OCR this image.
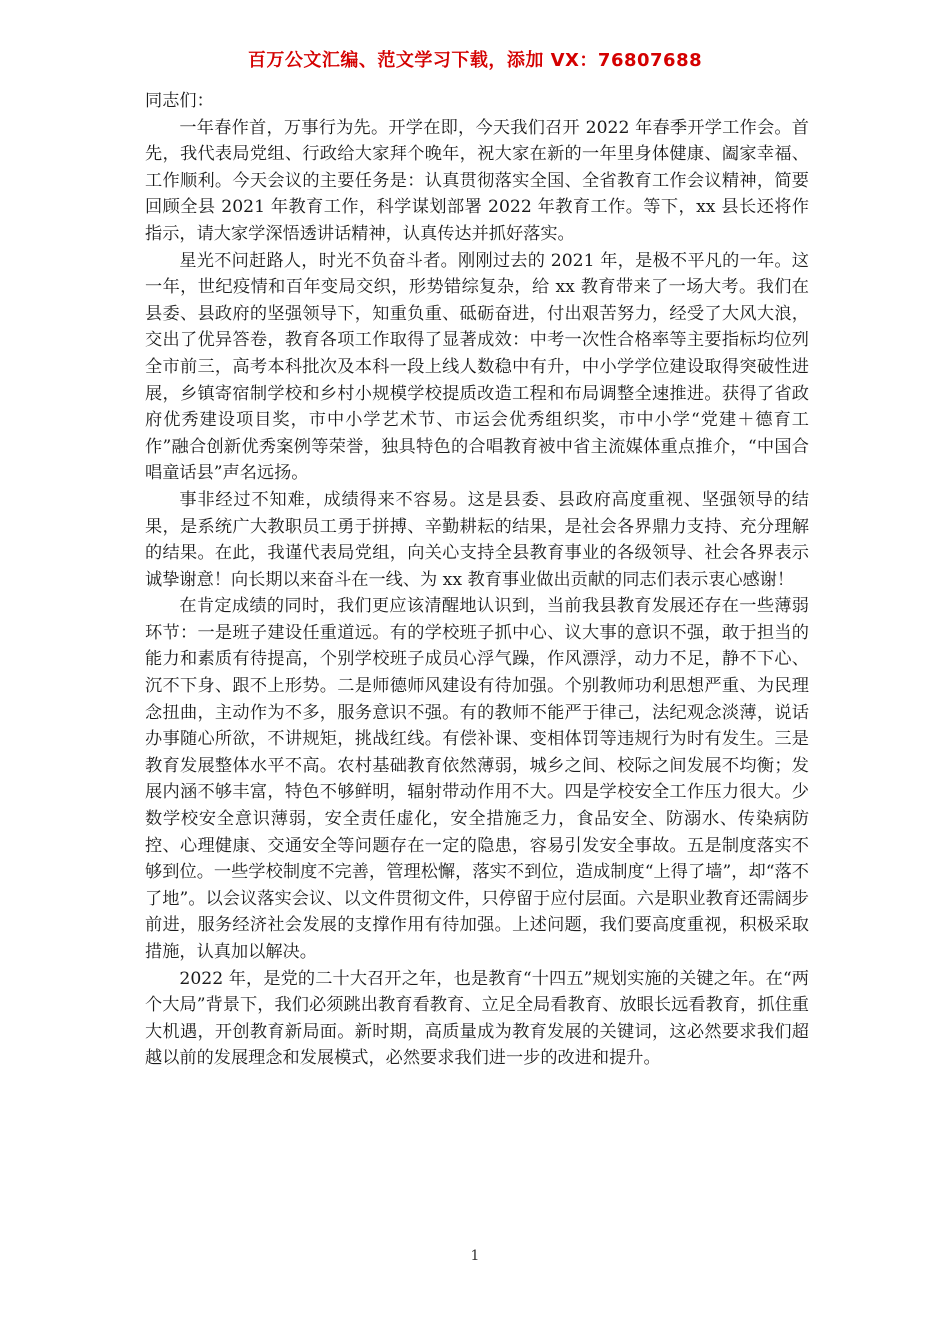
百万公文汇编、范文学习下载，添加 VX：76807688

同志们：

一年春作首，万事行为先。开学在即，今天我们召开 2022 年春季开学工作会。首先，我代表局党组、行政给大家拜个晚年，祝大家在新的一年里身体健康、阖家幸福、工作顺利。今天会议的主要任务是：认真贯彻落实全国、全省教育工作会议精神，简要回顾全县 2021 年教育工作，科学谋划部署 2022 年教育工作。等下，xx 县长还将作指示，请大家学深悟透讲话精神，认真传达并抓好落实。

星光不问赶路人，时光不负奋斗者。刚刚过去的 2021 年，是极不平凡的一年。这一年，世纪疫情和百年变局交织，形势错综复杂，给 xx 教育带来了一场大考。我们在县委、县政府的坚强领导下，知重负重、砥砺奋进，付出艰苦努力，经受了大风大浪，交出了优异答卷，教育各项工作取得了显著成效：中考一次性合格率等主要指标均位列全市前三，高考本科批次及本科一段上线人数稳中有升，中小学学位建设取得突破性进展，乡镇寄宿制学校和乡村小规模学校提质改造工程和布局调整全速推进。获得了省政府优秀建设项目奖，市中小学艺术节、市运会优秀组织奖，市中小学“党建＋德育工作”融合创新优秀案例等荣誉，独具特色的合唱教育被中省主流媒体重点推介，“中国合唱童话县”声名远扬。

事非经过不知难，成绩得来不容易。这是县委、县政府高度重视、坚强领导的结果，是系统广大教职员工勇于拼搏、辛勤耕耘的结果，是社会各界鼎力支持、充分理解的结果。在此，我谨代表局党组，向关心支持全县教育事业的各级领导、社会各界表示诚挚谢意！向长期以来奋斗在一线、为 xx 教育事业做出贡献的同志们表示衷心感谢！

在肯定成绩的同时，我们更应该清醒地认识到，当前我县教育发展还存在一些薄弱环节：一是班子建设任重道远。有的学校班子抓中心、议大事的意识不强，敢于担当的能力和素质有待提高，个别学校班子成员心浮气躁，作风漂浮，动力不足，静不下心、沉不下身、跟不上形势。二是师德师风建设有待加强。个别教师功利思想严重、为民理念扭曲，主动作为不多，服务意识不强。有的教师不能严于律己，法纪观念淡薄，说话办事随心所欲，不讲规矩，挑战红线。有偿补课、变相体罚等违规行为时有发生。三是教育发展整体水平不高。农村基础教育依然薄弱，城乡之间、校际之间发展不均衡；发展内涵不够丰富，特色不够鲜明，辐射带动作用不大。四是学校安全工作压力很大。少数学校安全意识薄弱，安全责任虚化，安全措施乏力，食品安全、防溺水、传染病防控、心理健康、交通安全等问题存在一定的隐患，容易引发安全事故。五是制度落实不够到位。一些学校制度不完善，管理松懈，落实不到位，造成制度“上得了墙”，却“落不了地”。以会议落实会议、以文件贯彻文件，只停留于应付层面。六是职业教育还需阔步前进，服务经济社会发展的支撑作用有待加强。上述问题，我们要高度重视，积极采取措施，认真加以解决。

2022 年，是党的二十大召开之年，也是教育“十四五”规划实施的关键之年。在“两个大局”背景下，我们必须跳出教育看教育、立足全局看教育、放眼长远看教育，抓住重大机遇，开创教育新局面。新时期，高质量成为教育发展的关键词，这必然要求我们超越以前的发展理念和发展模式，必然要求我们进一步的改进和提升。

1
